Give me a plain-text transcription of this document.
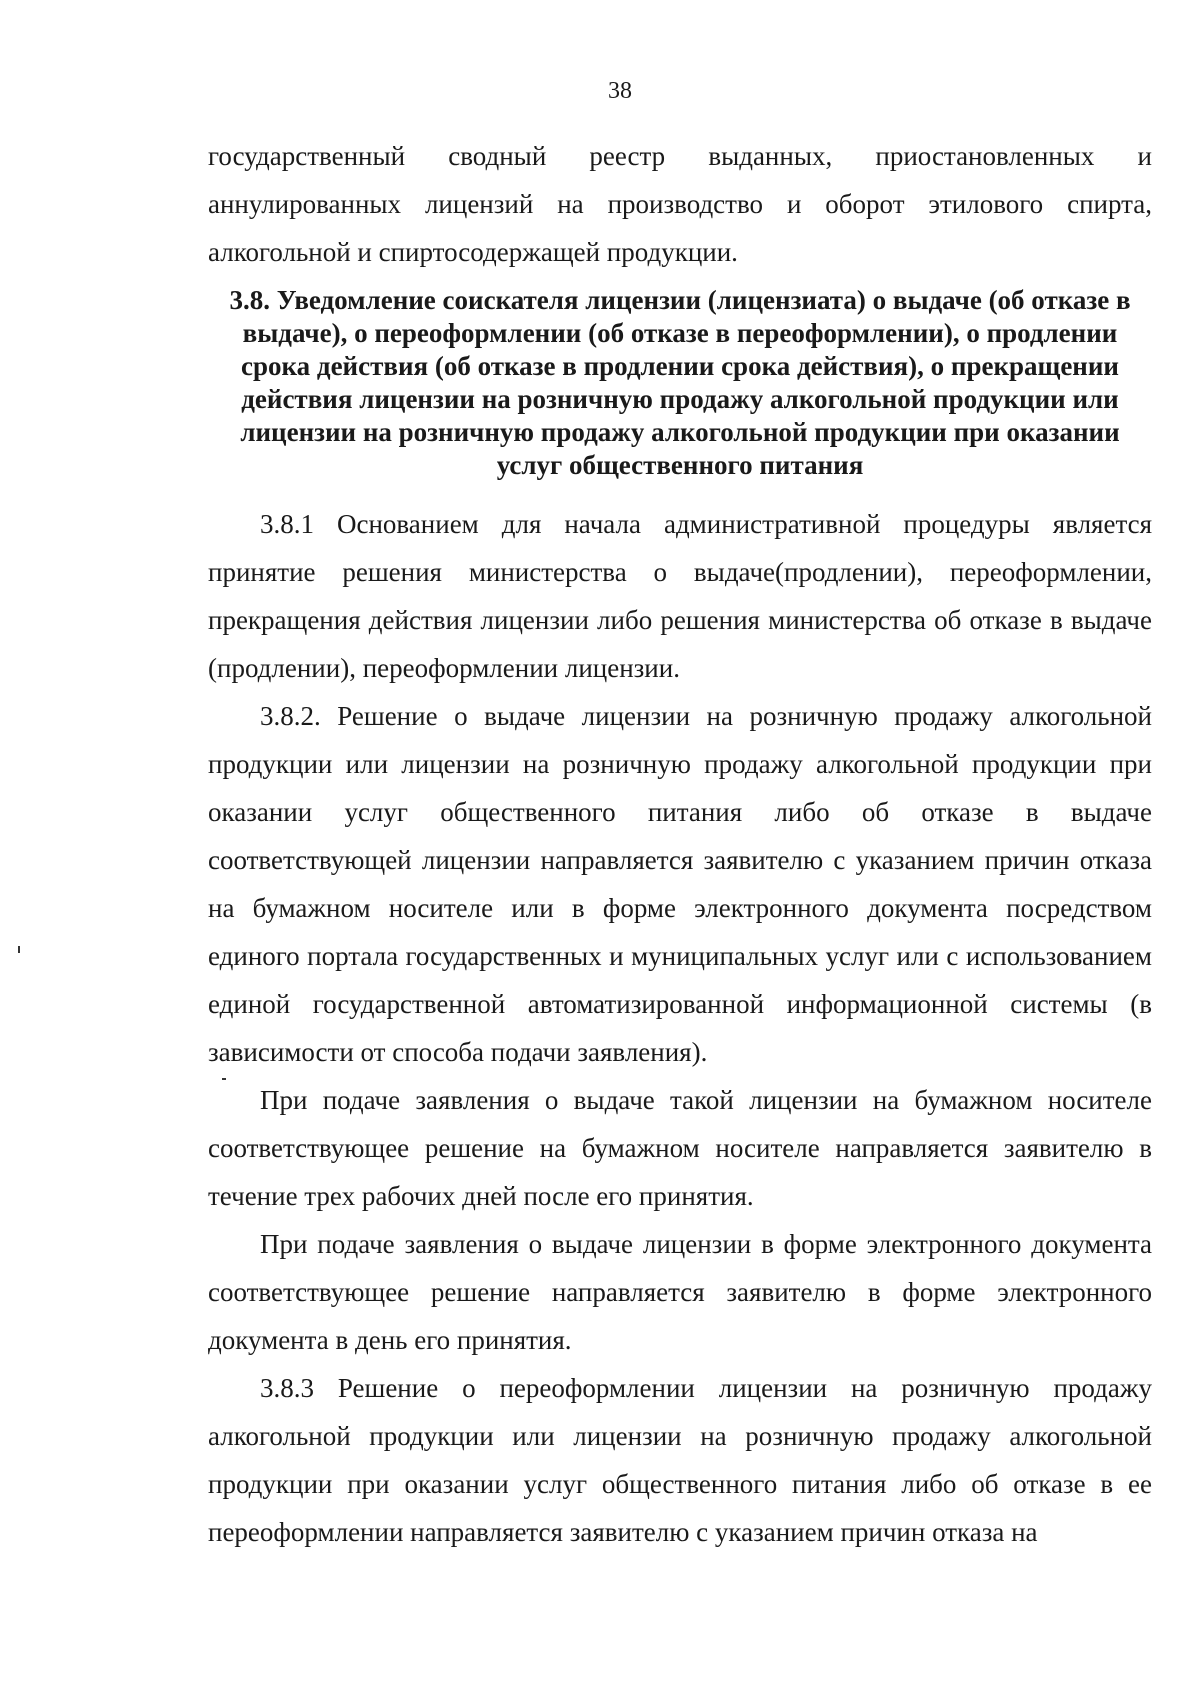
38

государственный сводный реестр выданных, приостановленных и аннулированных лицензий на производство и оборот этилового спирта, алкогольной и спиртосодержащей продукции.

3.8. Уведомление соискателя лицензии (лицензиата) о выдаче (об отказе в выдаче), о переоформлении (об отказе в переоформлении), о продлении срока действия (об отказе в продлении срока действия), о прекращении действия лицензии на розничную продажу алкогольной продукции или лицензии на розничную продажу алкогольной продукции при оказании услуг общественного питания

3.8.1 Основанием для начала административной процедуры является принятие решения министерства о выдаче(продлении), переоформлении, прекращения действия лицензии либо решения министерства об отказе в выдаче (продлении), переоформлении лицензии.

3.8.2. Решение о выдаче лицензии на розничную продажу алкогольной продукции или лицензии на розничную продажу алкогольной продукции при оказании услуг общественного питания либо об отказе в выдаче соответствующей лицензии направляется заявителю с указанием причин отказа на бумажном носителе или в форме электронного документа посредством единого портала государственных и муниципальных услуг или с использованием единой государственной автоматизированной информационной системы (в зависимости от способа подачи заявления).

При подаче заявления о выдаче такой лицензии на бумажном носителе соответствующее решение на бумажном носителе направляется заявителю в течение трех рабочих дней после его принятия.

При подаче заявления о выдаче лицензии в форме электронного документа соответствующее решение направляется заявителю в форме электронного документа в день его принятия.

3.8.3 Решение о переоформлении лицензии на розничную продажу алкогольной продукции или лицензии на розничную продажу алкогольной продукции при оказании услуг общественного питания либо об отказе в ее переоформлении направляется заявителю с указанием причин отказа на
